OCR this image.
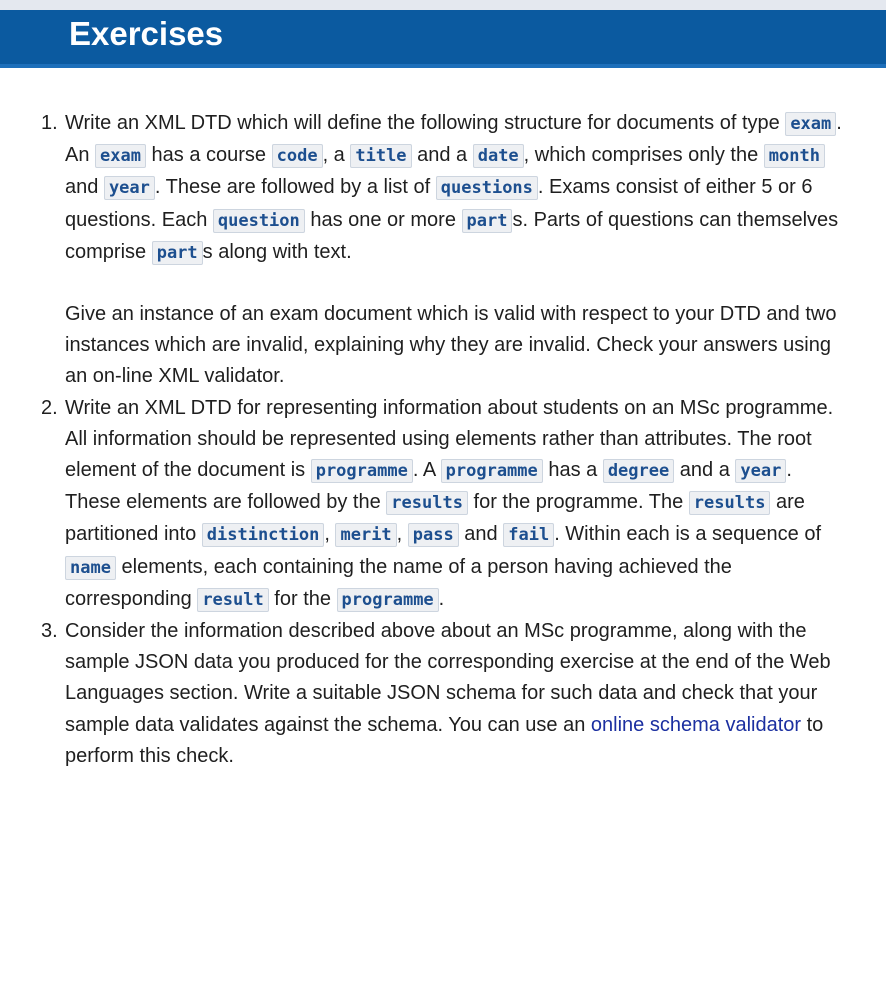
Exercises
1. Write an XML DTD which will define the following structure for documents of type exam . An exam has a course code , a title and a date , which comprises only the month and year . These are followed by a list of questions . Exams consist of either 5 or 6 questions. Each question has one or more part s. Parts of questions can themselves comprise part s along with text.

Give an instance of an exam document which is valid with respect to your DTD and two instances which are invalid, explaining why they are invalid. Check your answers using an on-line XML validator.

2. Write an XML DTD for representing information about students on an MSc programme. All information should be represented using elements rather than attributes. The root element of the document is programme . A programme has a degree and a year . These elements are followed by the results for the programme. The results are partitioned into distinction , merit , pass and fail . Within each is a sequence of name elements, each containing the name of a person having achieved the corresponding result for the programme .

3. Consider the information described above about an MSc programme, along with the sample JSON data you produced for the corresponding exercise at the end of the Web Languages section. Write a suitable JSON schema for such data and check that your sample data validates against the schema. You can use an online schema validator to perform this check.
